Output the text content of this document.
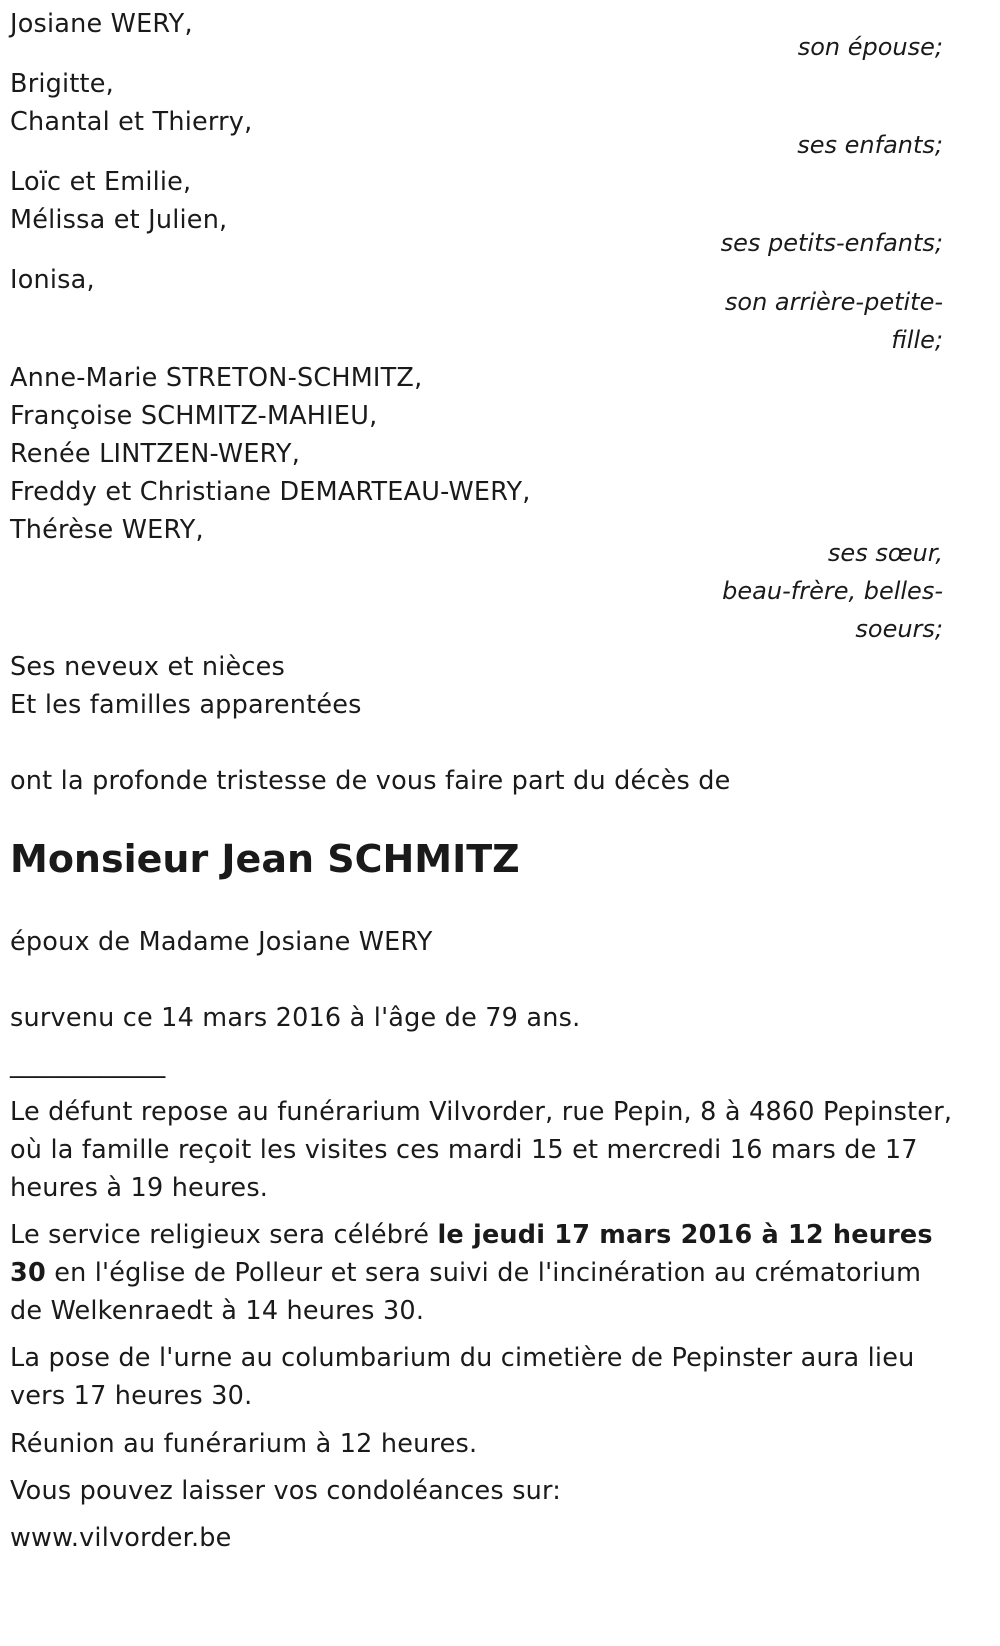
Josiane WERY,
son épouse;
Brigitte,
Chantal et Thierry,
ses enfants;
Loïc et Emilie,
Mélissa et Julien,
ses petits-enfants;
Ionisa,
son arrière-petite-
fille;
Anne-Marie STRETON-SCHMITZ,
Françoise SCHMITZ-MAHIEU,
Renée LINTZEN-WERY,
Freddy et Christiane DEMARTEAU-WERY,
Thérèse WERY,
ses sœur,
beau-frère, belles-
soeurs;
Ses neveux et nièces
Et les familles apparentées
ont la profonde tristesse de vous faire part du décès de
Monsieur Jean SCHMITZ
époux de Madame Josiane WERY
survenu ce 14 mars 2016 à l'âge de 79 ans.
____________
Le défunt repose au funérarium Vilvorder, rue Pepin, 8 à 4860 Pepinster, où la famille reçoit les visites ces mardi 15 et mercredi 16 mars de 17 heures à 19 heures.
Le service religieux sera célébré le jeudi 17 mars 2016 à 12 heures 30 en l'église de Polleur et sera suivi de l'incinération au crématorium de Welkenraedt à 14 heures 30.
La pose de l'urne au columbarium du cimetière de Pepinster aura lieu vers 17 heures 30.
Réunion au funérarium à 12 heures.
Vous pouvez laisser vos condoléances sur:
www.vilvorder.be
